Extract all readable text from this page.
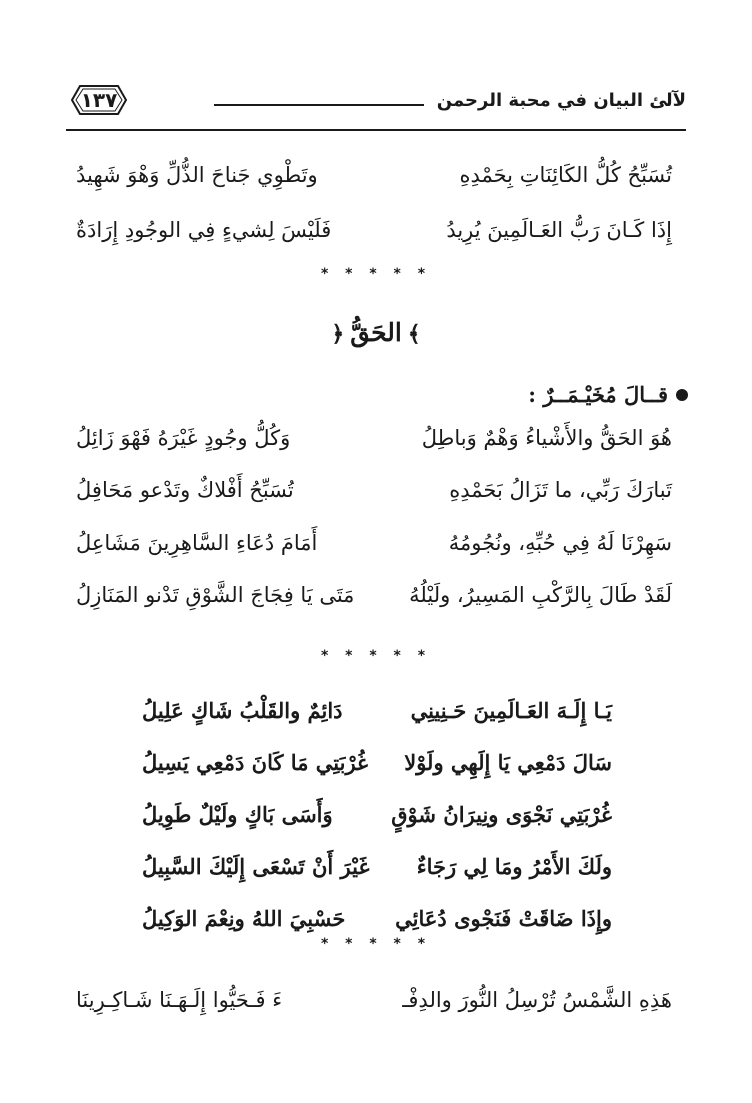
لآلئ البيان في محبة الرحمن
١٣٧
تُسَبِّحُ كُلُّ الكَائِنَاتِ بِحَمْدِهِ
وتَطْوِي جَناحَ الذُّلِّ وَهْوَ شَهِيدُ
إِذَا كَـانَ رَبُّ العَـالَمِينَ يُرِيدُ
فَلَيْسَ لِشيءٍ فِي الوجُودِ إِرَادَةٌ
* * * * *
﴾الحَقُّ﴿
قــالَ مُخَيْـمَــرٌ :
هُوَ الحَقُّ والأَشْياءُ وَهْمٌ وَباطِلُ
وَكُلُّ وجُودٍ غَيْرَهُ فَهْوَ زَائِلُ
تَبارَكَ رَبِّي، ما تَزَالُ بَحَمْدِهِ
تُسَبِّحُ أَفْلاكٌ وتَدْعو مَحَافِلُ
سَهِرْنَا لَهُ فِي حُبِّهِ، ونُجُومُهُ
أَمَامَ دُعَاءِ السَّاهِرِينَ مَشَاعِلُ
لَقَدْ طَالَ بِالرَّكْبِ المَسِيرُ، ولَيْلُهُ
مَتَى يَا فِجَاجَ الشَّوْقِ تَدْنو المَنَازِلُ
* * * * *
يَـا إِلَـهَ العَـالَمِينَ حَـنِينِي
دَائِمٌ والقَلْبُ شَاكٍ عَلِيلُ
سَالَ دَمْعِي يَا إِلَهِي ولَوْلا
غُرْبَتِي مَا كَانَ دَمْعِي يَسِيلُ
غُرْبَتِي نَجْوَى ونِيرَانُ شَوْقٍ
وَأَسَى بَاكٍ ولَيْلٌ طَوِيلُ
ولَكَ الأَمْرُ ومَا لِي رَجَاءٌ
غَيْرَ أَنْ تَسْعَى إِلَيْكَ السَّبِيلُ
وإِذَا ضَاقَتْ فَنَجْوى دُعَائِي
حَسْبِيَ اللهُ ونِعْمَ الوَكِيلُ
* * * * *
هَذِهِ الشَّمْسُ تُرْسِلُ النُّورَ والدِفْـ
ءَ فَـحَيُّوا إِلَـهَـنَا شَـاكِـرِينَا
